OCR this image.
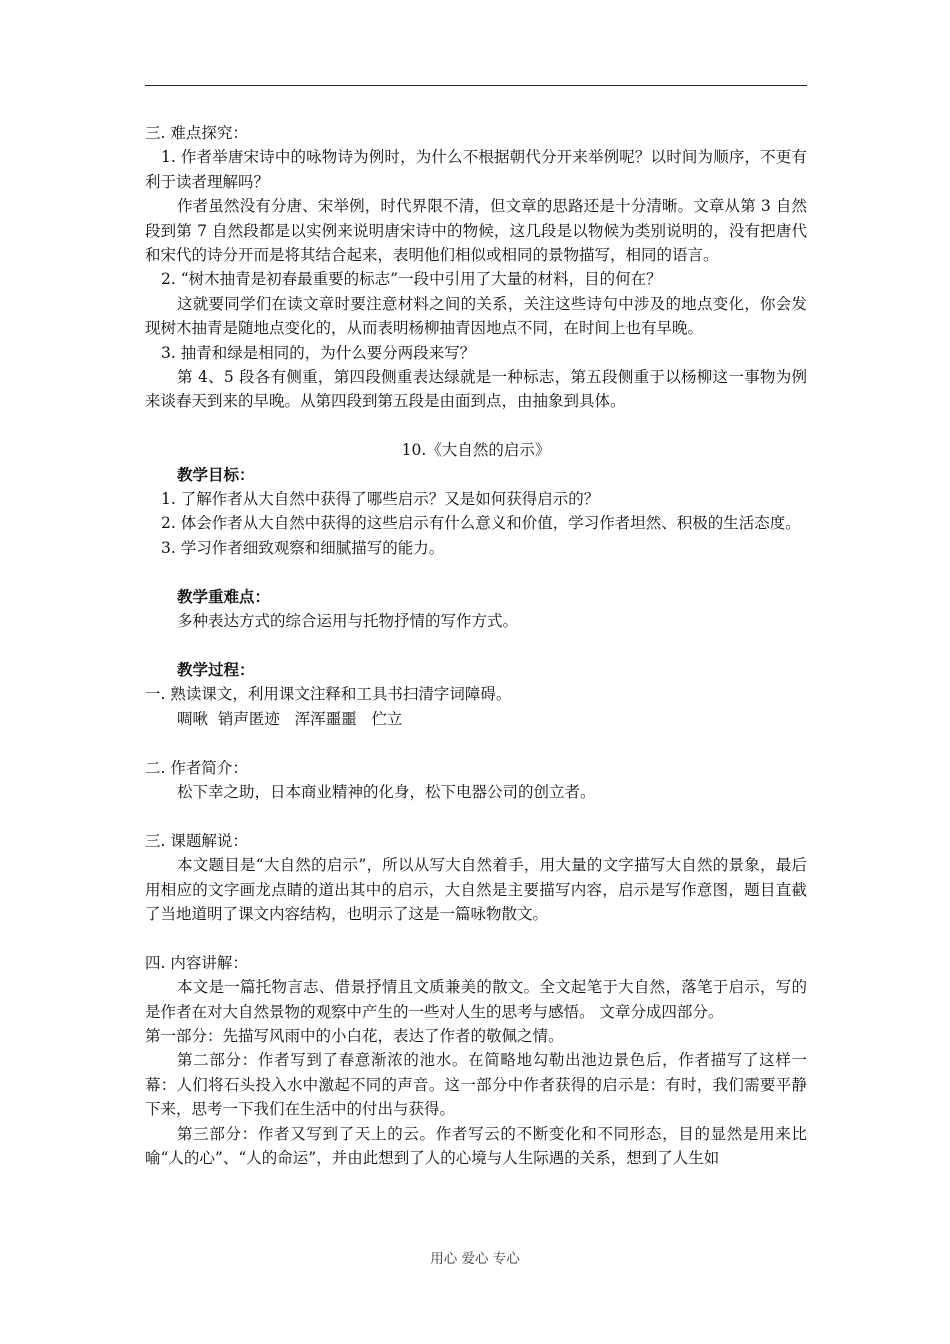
三. 难点探究：

1. 作者举唐宋诗中的咏物诗为例时，为什么不根据朝代分开来举例呢？以时间为顺序，不更有利于读者理解吗？

作者虽然没有分唐、宋举例，时代界限不清，但文章的思路还是十分清晰。文章从第 3 自然段到第 7 自然段都是以实例来说明唐宋诗中的物候，这几段是以物候为类别说明的，没有把唐代和宋代的诗分开而是将其结合起来，表明他们相似或相同的景物描写，相同的语言。

2. “树木抽青是初春最重要的标志”一段中引用了大量的材料，目的何在？

这就要同学们在读文章时要注意材料之间的关系，关注这些诗句中涉及的地点变化，你会发现树木抽青是随地点变化的，从而表明杨柳抽青因地点不同，在时间上也有早晚。

3. 抽青和绿是相同的，为什么要分两段来写？

第 4、5 段各有侧重，第四段侧重表达绿就是一种标志，第五段侧重于以杨柳这一事物为例来谈春天到来的早晚。从第四段到第五段是由面到点，由抽象到具体。

10.《大自然的启示》

教学目标：

1. 了解作者从大自然中获得了哪些启示？又是如何获得启示的？

2. 体会作者从大自然中获得的这些启示有什么意义和价值，学习作者坦然、积极的生活态度。

3. 学习作者细致观察和细腻描写的能力。

教学重难点：

多种表达方式的综合运用与托物抒情的写作方式。

教学过程：

一. 熟读课文，利用课文注释和工具书扫清字词障碍。

啁啾  销声匿迹   浑浑噩噩   伫立

二. 作者简介：

松下幸之助，日本商业精神的化身，松下电器公司的创立者。

三. 课题解说：

本文题目是“大自然的启示”，所以从写大自然着手，用大量的文字描写大自然的景象，最后用相应的文字画龙点睛的道出其中的启示，大自然是主要描写内容，启示是写作意图，题目直截了当地道明了课文内容结构，也明示了这是一篇咏物散文。

四. 内容讲解：

本文是一篇托物言志、借景抒情且文质兼美的散文。全文起笔于大自然，落笔于启示，写的是作者在对大自然景物的观察中产生的一些对人生的思考与感悟。 文章分成四部分。

第一部分：先描写风雨中的小白花，表达了作者的敬佩之情。

第二部分：作者写到了春意渐浓的池水。在简略地勾勒出池边景色后，作者描写了这样一幕：人们将石头投入水中激起不同的声音。这一部分中作者获得的启示是：有时，我们需要平静下来，思考一下我们在生活中的付出与获得。

第三部分：作者又写到了天上的云。作者写云的不断变化和不同形态，目的显然是用来比喻“人的心”、“人的命运”，并由此想到了人的心境与人生际遇的关系，想到了人生如

用心 爱心 专心
